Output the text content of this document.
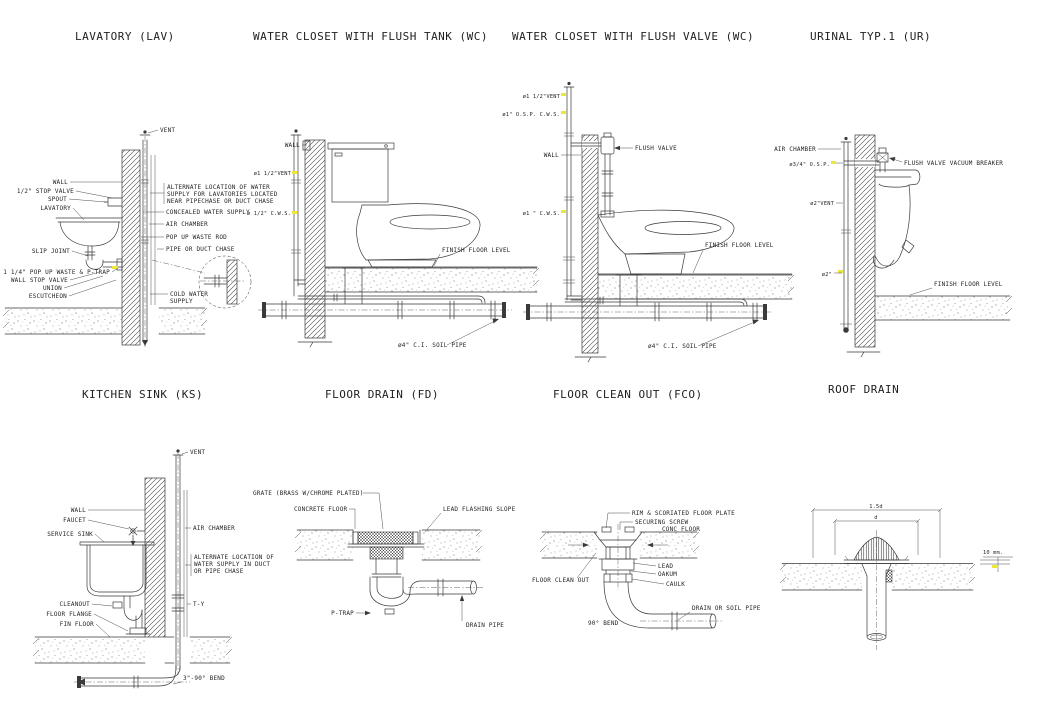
LAVATORY (LAV)	WATER CLOSET WITH FLUSH TANK (WC) WATER CLOSET WITH FLUSH VALVE (WC)	URINAL TYP.1 (UR)
KITCHEN SINK (KS)	FLOOR DRAIN (FD)	FLOOR CLEAN OUT (FCO)	ROOF DRAIN
VENT
WALL
1/2" STOP VALVE
SPOUT
LAVATORY
SLIP JOINT
1 1/4" POP UP WASTE & P-TRAP
WALL STOP VALVE
UNION
ESCUTCHEON
ALTERNATE LOCATION OF WATER
SUPPLY FOR LAVATORIES LOCATED
NEAR PIPECHASE OR DUCT CHASE
CONCEALED WATER SUPPLY
AIR CHAMBER
POP UP WASTE ROD
PIPE OR DUCT CHASE
COLD WATER
SUPPLY
WALL
ø1 1/2"VENT
ø 1/2" C.W.S.
FINISH FLOOR LEVEL
ø4" C.I. SOIL PIPE
ø1 1/2"VENT
ø1" O.S.P. C.W.S.
WALL
FLUSH VALVE
ø1 " C.W.S.
FINISH FLOOR LEVEL
ø4" C.I. SOIL PIPE
AIR CHAMBER
ø3/4" O.S.P.	FLUSH VALVE VACUUM BREAKER
ø2"VENT
ø2"
FINISH FLOOR LEVEL
VENT
WALL
FAUCET
SERVICE SINK
AIR CHAMBER
ALTERNATE LOCATION OF
WATER SUPPLY IN DUCT
OR PIPE CHASE
T-Y
CLEANOUT
FLOOR FLANGE
FIN FLOOR
3"-90° BEND
GRATE (BRASS W/CHROME PLATED)
CONCRETE FLOOR	LEAD FLASHING SLOPE
P-TRAP
DRAIN PIPE
RIM & SCORIATED FLOOR PLATE
SECURING SCREW
CONC FLOOR
FLOOR CLEAN OUT
LEAD
OAKUM
CAULK
90° BEND
DRAIN OR SOIL PIPE
1.5d
d
10 mm.
